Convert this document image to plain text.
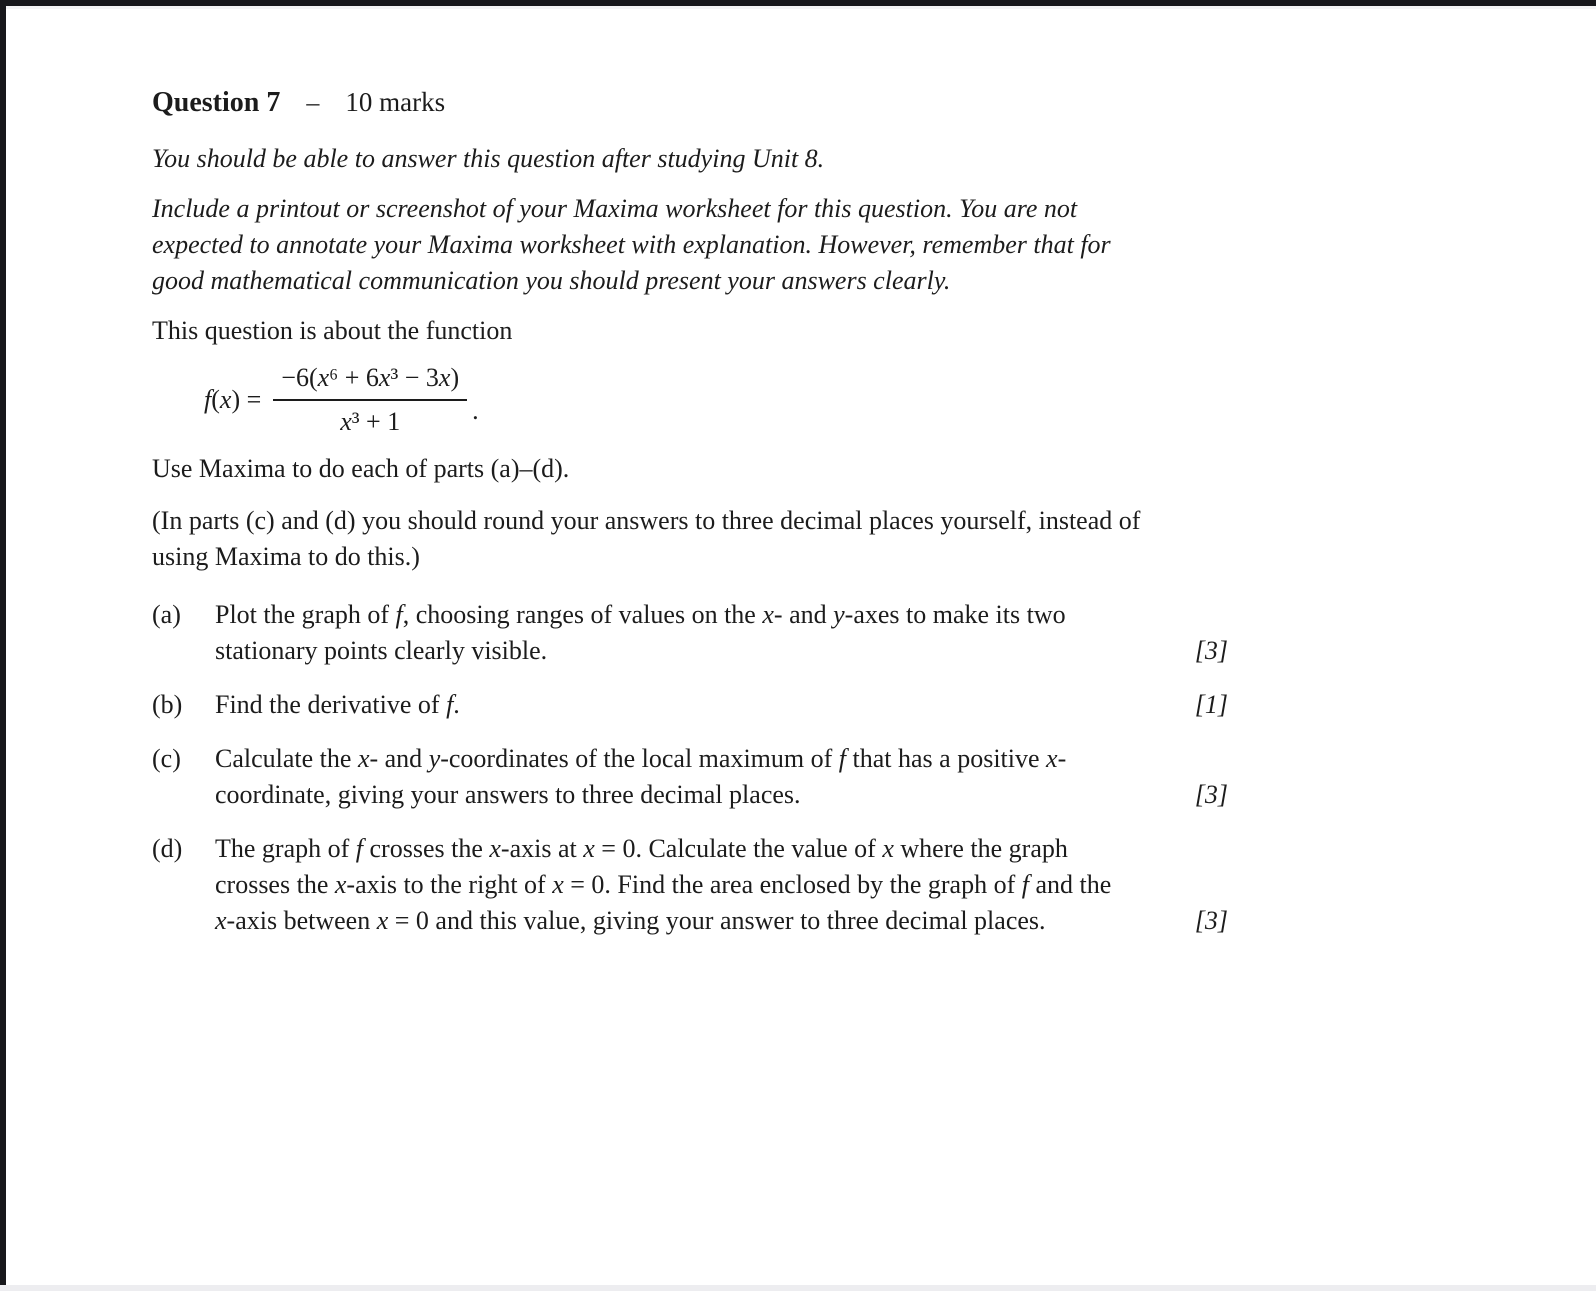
Question 7 – 10 marks

You should be able to answer this question after studying Unit 8.

Include a printout or screenshot of your Maxima worksheet for this question. You are not expected to annotate your Maxima worksheet with explanation. However, remember that for good mathematical communication you should present your answers clearly.

This question is about the function

$f(x) = \frac{\text{−6(x⁶ + 6x³ − 3x)}}{\text{x³ + 1}}$ .

Use Maxima to do each of parts (a)–(d).

(In parts (c) and (d) you should round your answers to three decimal places yourself, instead of using Maxima to do this.)

(a)	Plot the graph of f, choosing ranges of values on the x- and y-axes to make its two stationary points clearly visible.	[3]
(b)	Find the derivative of f.	[1]
(c)	Calculate the x- and y-coordinates of the local maximum of f that has a positive x-coordinate, giving your answers to three decimal places.	[3]
(d)	The graph of f crosses the x-axis at x = 0. Calculate the value of x where the graph crosses the x-axis to the right of x = 0. Find the area enclosed by the graph of f and the x-axis between x = 0 and this value, giving your answer to three decimal places.	[3]
